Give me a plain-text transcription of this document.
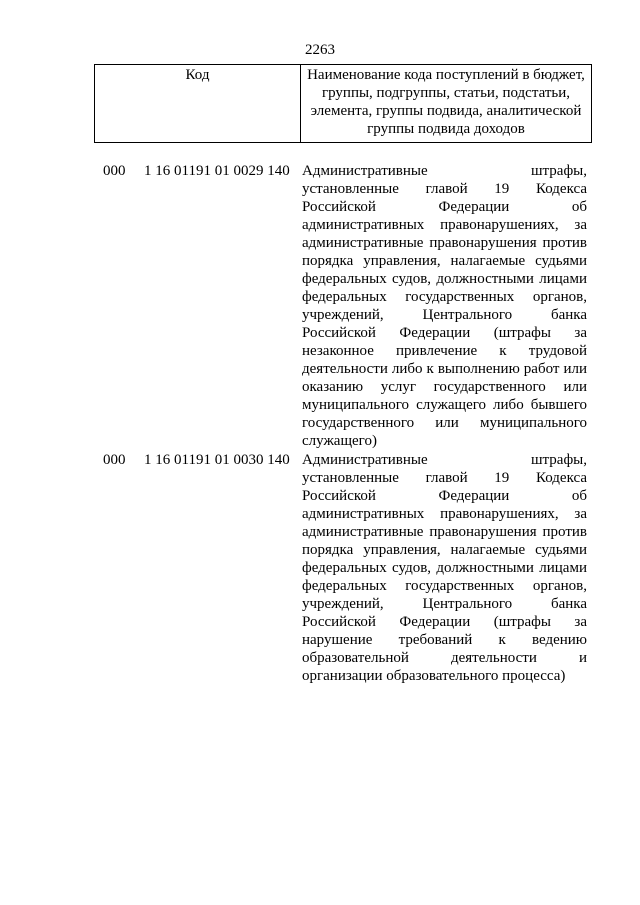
2263
Код	Наименование кода поступлений в бюджет, группы, подгруппы, статьи, подстатьи, элемента, группы подвида, аналитической группы подвида доходов
000 1 16 01191 01 0029 140 Административные штрафы, установленные главой 19 Кодекса Российской Федерации об административных правонарушениях, за административные правонарушения против порядка управления, налагаемые судьями федеральных судов, должностными лицами федеральных государственных органов, учреждений, Центрального банка Российской Федерации (штрафы за незаконное привлечение к трудовой деятельности либо к выполнению работ или оказанию услуг государственного или муниципального служащего либо бывшего государственного или муниципального служащего)
000 1 16 01191 01 0030 140 Административные штрафы, установленные главой 19 Кодекса Российской Федерации об административных правонарушениях, за административные правонарушения против порядка управления, налагаемые судьями федеральных судов, должностными лицами федеральных государственных органов, учреждений, Центрального банка Российской Федерации (штрафы за нарушение требований к ведению образовательной деятельности и организации образовательного процесса)
